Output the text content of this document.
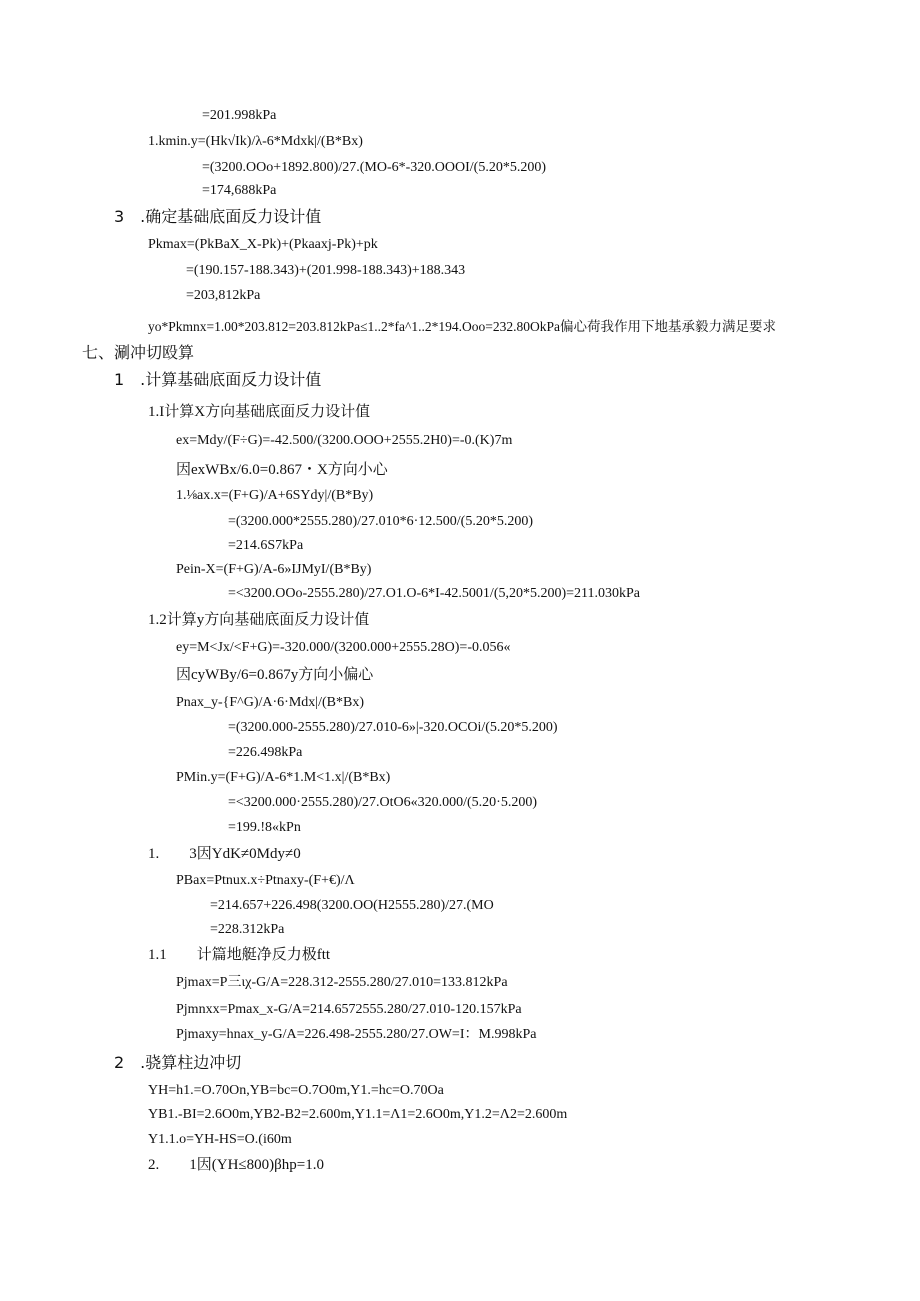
=201.998kPa
1.kmin.y=(Hk√Ik)/λ-6*Mdxk|/(B*Bx)
=(3200.OOo+1892.800)/27.(MO-6*-320.OOOI/(5.20*5.200)
=174,688kPa
3　.确定基础底面反力设计值
Pkmax=(PkBaX_X-Pk)+(Pkaaxj-Pk)+pk
=(190.157-188.343)+(201.998-188.343)+188.343
=203,812kPa
yo*Pkmnx=1.00*203.812=203.812kPa≤1..2*fa^1..2*194.Ooo=232.80OkPa偏心荷我作用下地基承毅力满足要求
七、涮冲切殴算
1　.计算基础底面反力设计值
1.I计算X方向基础底面反力设计值
ex=Mdy/(F÷G)=-42.500/(3200.OOO+2555.2H0)=-0.(K)7m
因exWBx/6.0=0.867・X方向小心
1.⅛ax.x=(F+G)/A+6SYdy|/(B*By)
=(3200.000*2555.280)/27.010*6·12.500/(5.20*5.200)
=214.6S7kPa
Pein-X=(F+G)/A-6»IJMyI/(B*By)
=<3200.OOo-2555.280)/27.O1.O-6*I-42.5001/(5,20*5.200)=211.030kPa
1.2计算y方向基础底面反力设计值
ey=M<Jx/<F+G)=-320.000/(3200.000+2555.28O)=-0.056«
因cyWBy/6=0.867y方向小偏心
Pnax_y-{F^G)/A·6·Mdx|/(B*Bx)
=(3200.000-2555.280)/27.010-6»|-320.OCOi/(5.20*5.200)
=226.498kPa
PMin.y=(F+G)/A-6*1.M<1.x|/(B*Bx)
=<3200.000·2555.280)/27.OtO6«320.000/(5.20·5.200)
=199.!8«kPn
1.　　3因YdK≠0Mdy≠0
PBax=Ptnux.x÷Ptnaxy-(F+€)/Λ
=214.657+226.498(3200.OO(H2555.280)/27.(MO
=228.312kPa
1.1　　计篇地艇净反力极ftt
Pjmax=P三ιχ-G/A=228.312-2555.280/27.010=133.812kPa
Pjmnxx=Pmax_x-G/A=214.6572555.280/27.010-120.157kPa
Pjmaxy=hnax_y-G/A=226.498-2555.280/27.OW=I：M.998kPa
2　.骁算柱边冲切
YH=h1.=O.70On,YB=bc=O.7O0m,Y1.=hc=O.70Oa
YB1.-BI=2.6O0m,YB2-B2=2.600m,Y1.1=Λ1=2.6O0m,Y1.2=Λ2=2.600m
Y1.1.o=YH-HS=O.(i60m
2.　　1因(YH≤800)βhp=1.0
